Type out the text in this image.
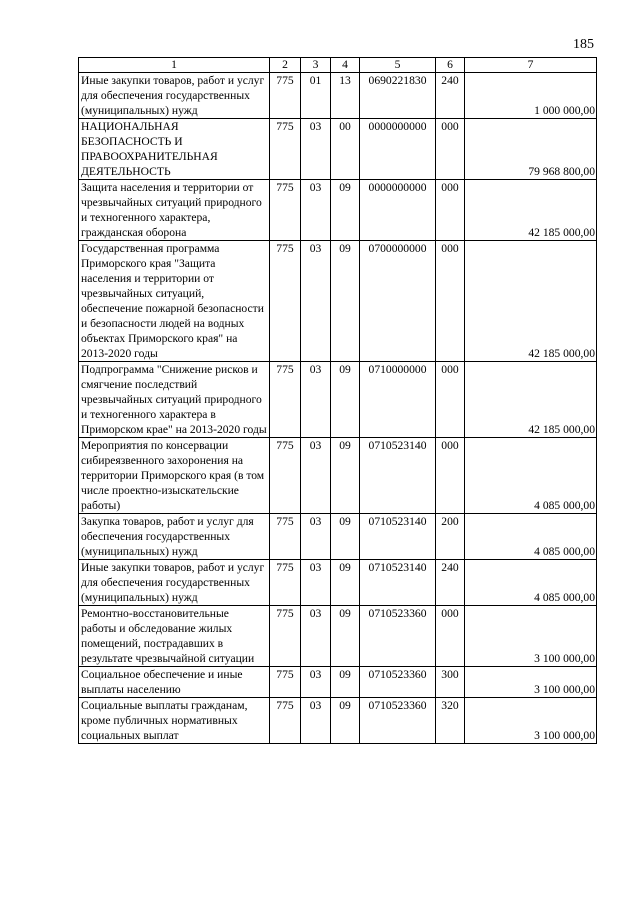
185
1	2	3	4	5	6	7
Иные закупки товаров, работ и услуг для обеспечения государственных (муниципальных) нужд	775	01	13	0690221830	240	1 000 000,00
НАЦИОНАЛЬНАЯ БЕЗОПАСНОСТЬ И ПРАВООХРАНИТЕЛЬНАЯ ДЕЯТЕЛЬНОСТЬ	775	03	00	0000000000	000	79 968 800,00
Защита населения и территории от чрезвычайных ситуаций природного и техногенного характера, гражданская оборона	775	03	09	0000000000	000	42 185 000,00
Государственная программа Приморского края "Защита населения и территории от чрезвычайных ситуаций, обеспечение пожарной безопасности и безопасности людей на водных объектах Приморского края" на 2013-2020 годы	775	03	09	0700000000	000	42 185 000,00
Подпрограмма "Снижение рисков и смягчение последствий чрезвычайных ситуаций природного и техногенного характера в Приморском крае" на 2013-2020 годы	775	03	09	0710000000	000	42 185 000,00
Мероприятия по консервации сибиреязвенного захоронения на территории Приморского края (в том числе проектно-изыскательские работы)	775	03	09	0710523140	000	4 085 000,00
Закупка товаров, работ и услуг для обеспечения государственных (муниципальных) нужд	775	03	09	0710523140	200	4 085 000,00
Иные закупки товаров, работ и услуг для обеспечения государственных (муниципальных) нужд	775	03	09	0710523140	240	4 085 000,00
Ремонтно-восстановительные работы и обследование жилых помещений, пострадавших в результате чрезвычайной ситуации	775	03	09	0710523360	000	3 100 000,00
Социальное обеспечение и иные выплаты населению	775	03	09	0710523360	300	3 100 000,00
Социальные выплаты гражданам, кроме публичных нормативных социальных выплат	775	03	09	0710523360	320	3 100 000,00
